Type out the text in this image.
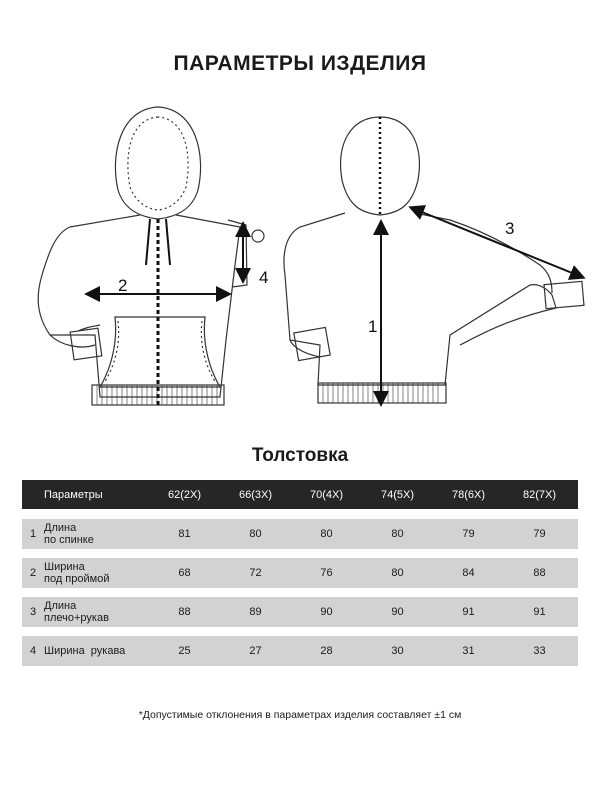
ПАРАМЕТРЫ ИЗДЕЛИЯ
1
2
3
4
Толстовка
Параметры	62(2X)	66(3X)	70(4X)	74(5X)	78(6X)	82(7X)
1 Длина
по спинке	81	80	80	80	79	79
2 Ширина
под проймой	68	72	76	80	84	88
3 Длина
плечо+рукав	88	89	90	90	91	91
4 Ширина  рукава	25	27	28	30	31	33
*Допустимые отклонения в параметрах изделия составляет ±1 см
